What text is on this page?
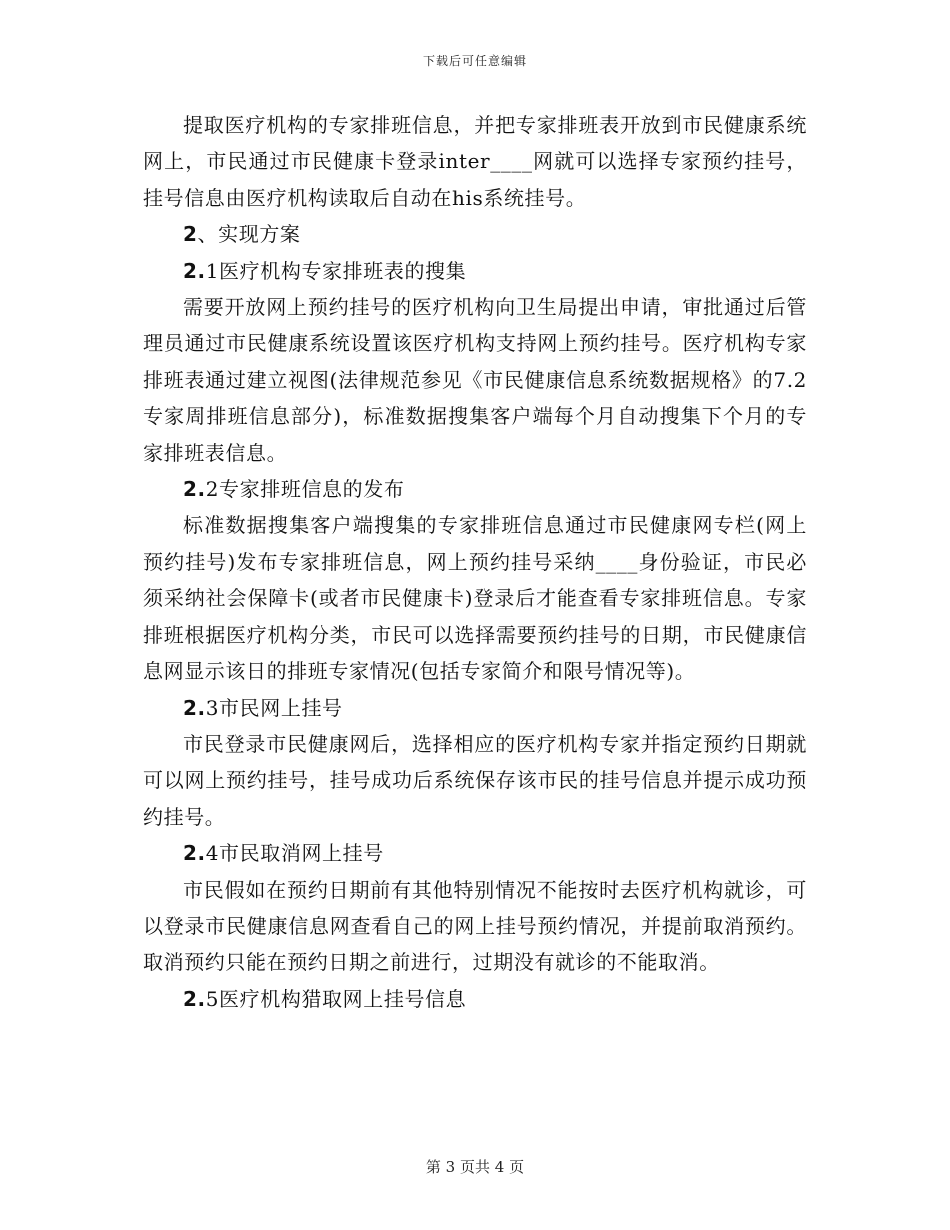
下载后可任意编辑

提取医疗机构的专家排班信息，并把专家排班表开放到市民健康系统网上，市民通过市民健康卡登录inter____网就可以选择专家预约挂号，挂号信息由医疗机构读取后自动在his系统挂号。

2、实现方案

2.1医疗机构专家排班表的搜集

需要开放网上预约挂号的医疗机构向卫生局提出申请，审批通过后管理员通过市民健康系统设置该医疗机构支持网上预约挂号。医疗机构专家排班表通过建立视图(法律规范参见《市民健康信息系统数据规格》的7.2专家周排班信息部分)，标准数据搜集客户端每个月自动搜集下个月的专家排班表信息。

2.2专家排班信息的发布

标准数据搜集客户端搜集的专家排班信息通过市民健康网专栏(网上预约挂号)发布专家排班信息，网上预约挂号采纳____身份验证，市民必须采纳社会保障卡(或者市民健康卡)登录后才能查看专家排班信息。专家排班根据医疗机构分类，市民可以选择需要预约挂号的日期，市民健康信息网显示该日的排班专家情况(包括专家简介和限号情况等)。

2.3市民网上挂号

市民登录市民健康网后，选择相应的医疗机构专家并指定预约日期就可以网上预约挂号，挂号成功后系统保存该市民的挂号信息并提示成功预约挂号。

2.4市民取消网上挂号

市民假如在预约日期前有其他特别情况不能按时去医疗机构就诊，可以登录市民健康信息网查看自己的网上挂号预约情况，并提前取消预约。取消预约只能在预约日期之前进行，过期没有就诊的不能取消。

2.5医疗机构猎取网上挂号信息

第 3 页共 4 页
